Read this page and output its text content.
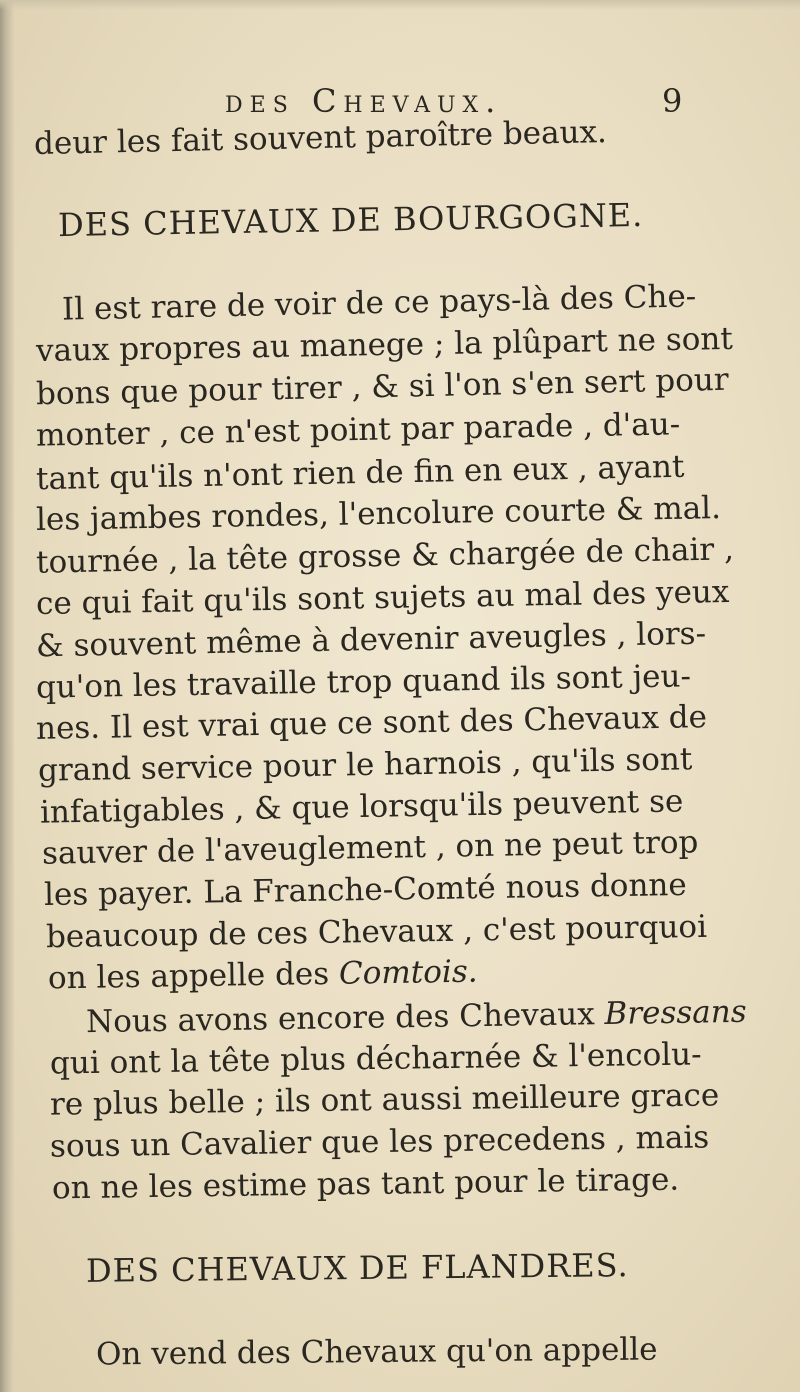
des Chevaux.	9
deur les fait souvent paroître beaux.
DES CHEVAUX DE BOURGOGNE.
Il est rare de voir de ce pays-là des Che-
vaux propres au manege ; la plûpart ne sont
bons que pour tirer , & si l'on s'en sert pour
monter , ce n'est point par parade , d'au-
tant qu'ils n'ont rien de fin en eux , ayant
les jambes rondes, l'encolure courte & mal.
tournée , la tête grosse & chargée de chair ,
ce qui fait qu'ils sont sujets au mal des yeux
& souvent même à devenir aveugles , lors-
qu'on les travaille trop quand ils sont jeu-
nes. Il est vrai que ce sont des Chevaux de
grand service pour le harnois , qu'ils sont
infatigables , & que lorsqu'ils peuvent se
sauver de l'aveuglement , on ne peut trop
les payer. La Franche-Comté nous donne
beaucoup de ces Chevaux , c'est pourquoi
on les appelle des Comtois.
Nous avons encore des Chevaux Bressans
qui ont la tête plus décharnée & l'encolu-
re plus belle ; ils ont aussi meilleure grace
sous un Cavalier que les precedens , mais
on ne les estime pas tant pour le tirage.
DES CHEVAUX DE FLANDRES.
On vend des Chevaux qu'on appelle
